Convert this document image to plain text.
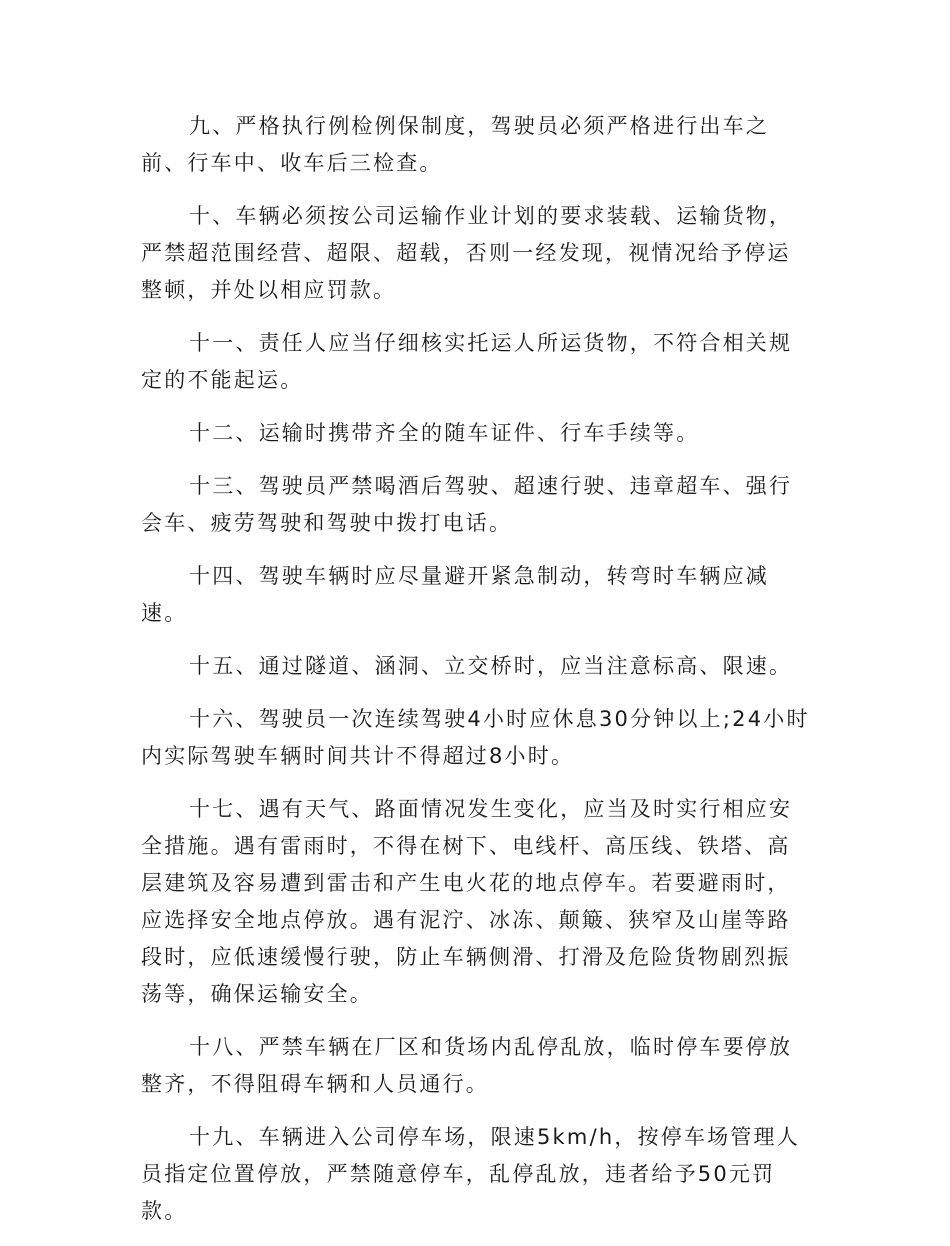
九、严格执行例检例保制度，驾驶员必须严格进行出车之前、行车中、收车后三检查。

十、车辆必须按公司运输作业计划的要求装载、运输货物，严禁超范围经营、超限、超载，否则一经发现，视情况给予停运整顿，并处以相应罚款。

十一、责任人应当仔细核实托运人所运货物，不符合相关规定的不能起运。

十二、运输时携带齐全的随车证件、行车手续等。

十三、驾驶员严禁喝酒后驾驶、超速行驶、违章超车、强行会车、疲劳驾驶和驾驶中拨打电话。

十四、驾驶车辆时应尽量避开紧急制动，转弯时车辆应减速。

十五、通过隧道、涵洞、立交桥时，应当注意标高、限速。

十六、驾驶员一次连续驾驶4小时应休息30分钟以上;24小时内实际驾驶车辆时间共计不得超过8小时。

十七、遇有天气、路面情况发生变化，应当及时实行相应安全措施。遇有雷雨时，不得在树下、电线杆、高压线、铁塔、高层建筑及容易遭到雷击和产生电火花的地点停车。若要避雨时，应选择安全地点停放。遇有泥泞、冰冻、颠簸、狭窄及山崖等路段时，应低速缓慢行驶，防止车辆侧滑、打滑及危险货物剧烈振荡等，确保运输安全。

十八、严禁车辆在厂区和货场内乱停乱放，临时停车要停放整齐，不得阻碍车辆和人员通行。

十九、车辆进入公司停车场，限速5km/h，按停车场管理人员指定位置停放，严禁随意停车，乱停乱放，违者给予50元罚款。
